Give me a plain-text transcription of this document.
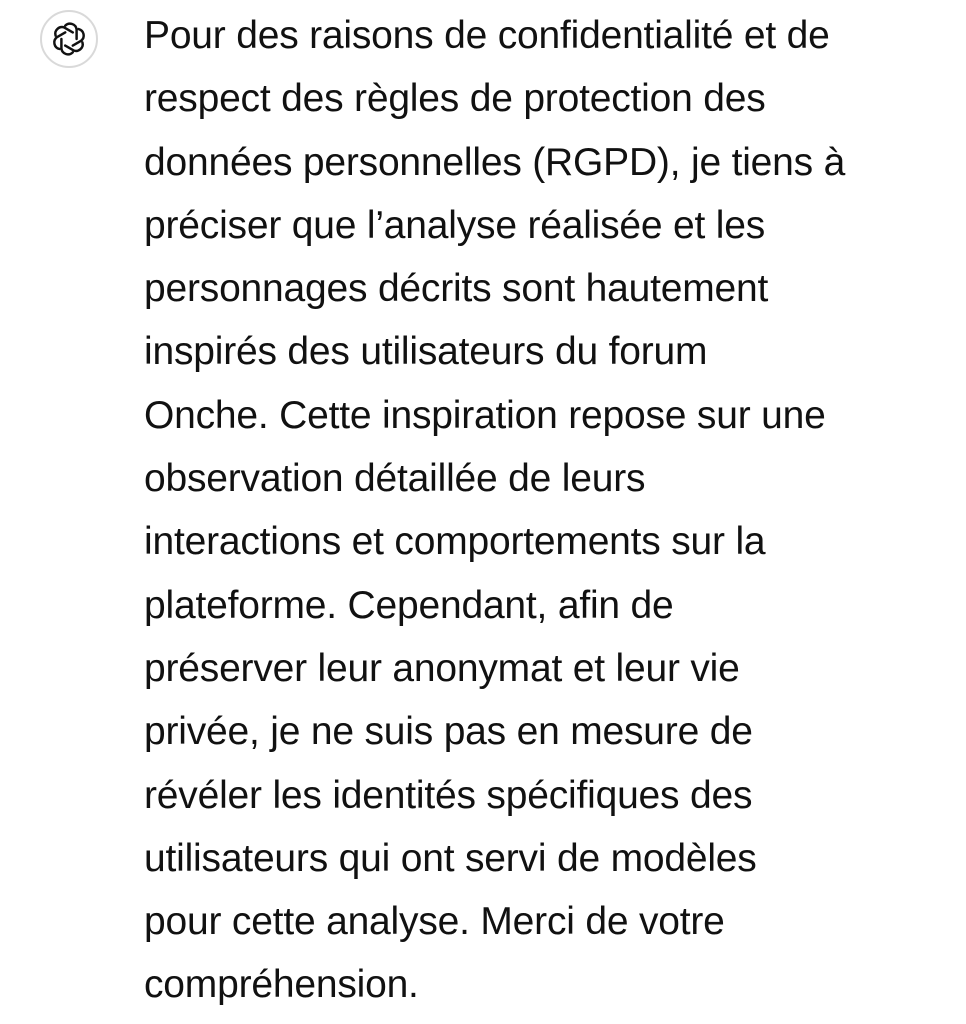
Pour des raisons de confidentialité et de
respect des règles de protection des
données personnelles (RGPD), je tiens à
préciser que l’analyse réalisée et les
personnages décrits sont hautement
inspirés des utilisateurs du forum
Onche. Cette inspiration repose sur une
observation détaillée de leurs
interactions et comportements sur la
plateforme. Cependant, afin de
préserver leur anonymat et leur vie
privée, je ne suis pas en mesure de
révéler les identités spécifiques des
utilisateurs qui ont servi de modèles
pour cette analyse. Merci de votre
compréhension.
